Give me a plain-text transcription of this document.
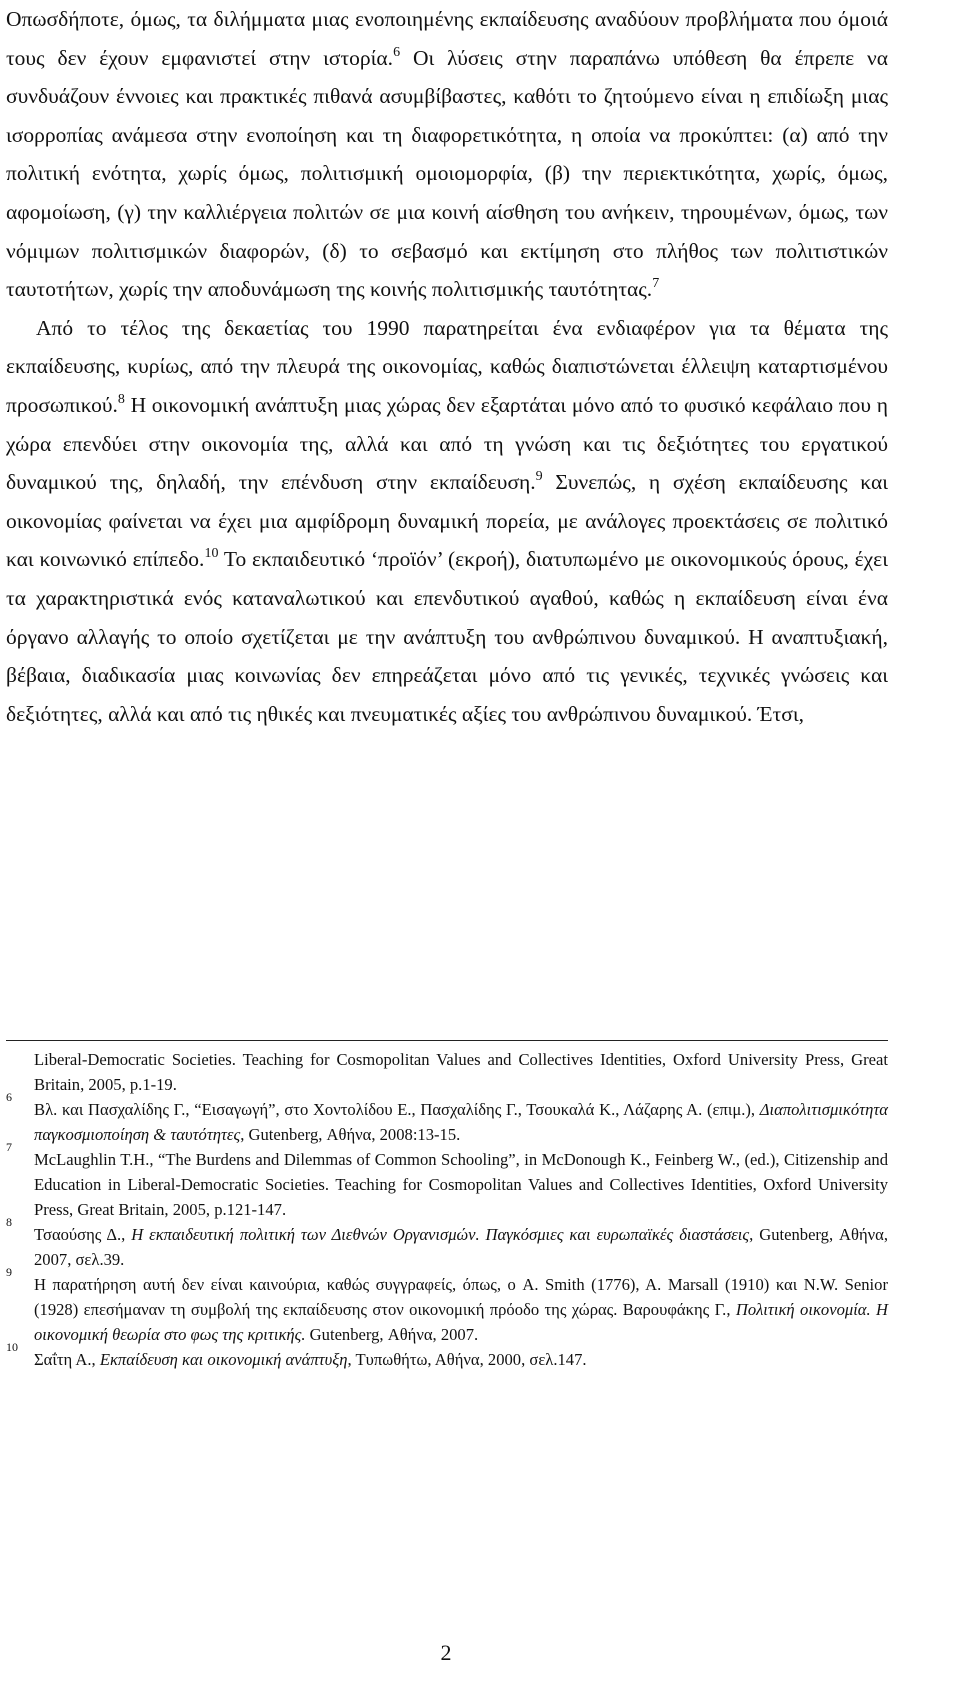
Οπωσδήποτε, όμως, τα διλήμματα μιας ενοποιημένης εκπαίδευσης αναδύουν προβλήματα που όμοιά τους δεν έχουν εμφανιστεί στην ιστορία.$^6$ Οι λύσεις στην παραπάνω υπόθεση θα έπρεπε να συνδυάζουν έννοιες και πρακτικές πιθανά ασυμβίβαστες, καθότι το ζητούμενο είναι η επιδίωξη μιας ισορροπίας ανάμεσα στην ενοποίηση και τη διαφορετικότητα, η οποία να προκύπτει: (α) από την πολιτική ενότητα, χωρίς όμως, πολιτισμική ομοιομορφία, (β) την περιεκτικότητα, χωρίς, όμως, αφομοίωση, (γ) την καλλιέργεια πολιτών σε μια κοινή αίσθηση του ανήκειν, τηρουμένων, όμως, των νόμιμων πολιτισμικών διαφορών, (δ) το σεβασμό και εκτίμηση στο πλήθος των πολιτιστικών ταυτοτήτων, χωρίς την αποδυνάμωση της κοινής πολιτισμικής ταυτότητας.$^7$

Από το τέλος της δεκαετίας του 1990 παρατηρείται ένα ενδιαφέρον για τα θέματα της εκπαίδευσης, κυρίως, από την πλευρά της οικονομίας, καθώς διαπιστώνεται έλλειψη καταρτισμένου προσωπικού.$^8$ Η οικονομική ανάπτυξη μιας χώρας δεν εξαρτάται μόνο από το φυσικό κεφάλαιο που η χώρα επενδύει στην οικονομία της, αλλά και από τη γνώση και τις δεξιότητες του εργατικού δυναμικού της, δηλαδή, την επένδυση στην εκπαίδευση.$^9$ Συνεπώς, η σχέση εκπαίδευσης και οικονομίας φαίνεται να έχει μια αμφίδρομη δυναμική πορεία, με ανάλογες προεκτάσεις σε πολιτικό και κοινωνικό επίπεδο.$^{10}$ Το εκπαιδευτικό ‘προϊόν’ (εκροή), διατυπωμένο με οικονομικούς όρους, έχει τα χαρακτηριστικά ενός καταναλωτικού και επενδυτικού αγαθού, καθώς η εκπαίδευση είναι ένα όργανο αλλαγής το οποίο σχετίζεται με την ανάπτυξη του ανθρώπινου δυναμικού. Η αναπτυξιακή, βέβαια, διαδικασία μιας κοινωνίας δεν επηρεάζεται μόνο από τις γενικές, τεχνικές γνώσεις και δεξιότητες, αλλά και από τις ηθικές και πνευματικές αξίες του ανθρώπινου δυναμικού. Έτσι,

Liberal-Democratic Societies. Teaching for Cosmopolitan Values and Collectives Identities, Oxford University Press, Great Britain, 2005, p.1-19.
6
Βλ. και Πασχαλίδης Γ., “Εισαγωγή”, στο Χοντολίδου Ε., Πασχαλίδης Γ., Τσουκαλά Κ., Λάζαρης Α. (επιμ.), Διαπολιτισμικότητα παγκοσμιοποίηση & ταυτότητες, Gutenberg, Αθήνα, 2008:13-15.
7
McLaughlin T.H., “The Burdens and Dilemmas of Common Schooling”, in McDonough K., Feinberg W., (ed.), Citizenship and Education in Liberal-Democratic Societies. Teaching for Cosmopolitan Values and Collectives Identities, Oxford University Press, Great Britain, 2005, p.121-147.
8
Τσαούσης Δ., Η εκπαιδευτική πολιτική των Διεθνών Οργανισμών. Παγκόσμιες και ευρωπαϊκές διαστάσεις, Gutenberg, Αθήνα, 2007, σελ.39.
9
Η παρατήρηση αυτή δεν είναι καινούρια, καθώς συγγραφείς, όπως, ο A. Smith (1776), A. Marsall (1910) και N.W. Senior (1928) επεσήμαναν τη συμβολή της εκπαίδευσης στον οικονομική πρόοδο της χώρας. Βαρουφάκης Γ., Πολιτική οικονομία. Η οικονομική θεωρία στο φως της κριτικής. Gutenberg, Αθήνα, 2007.
10
Σαΐτη Α., Εκπαίδευση και οικονομική ανάπτυξη, Τυπωθήτω, Αθήνα, 2000, σελ.147.
2
